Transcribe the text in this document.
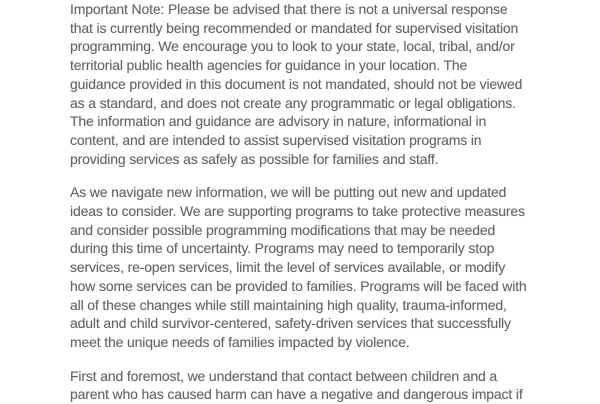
Important Note: Please be advised that there is not a universal response
that is currently being recommended or mandated for supervised visitation
programming. We encourage you to look to your state, local, tribal, and/or
territorial public health agencies for guidance in your location. The
guidance provided in this document is not mandated, should not be viewed
as a standard, and does not create any programmatic or legal obligations.
The information and guidance are advisory in nature, informational in
content, and are intended to assist supervised visitation programs in
providing services as safely as possible for families and staff.
As we navigate new information, we will be putting out new and updated
ideas to consider. We are supporting programs to take protective measures
and consider possible programming modifications that may be needed
during this time of uncertainty. Programs may need to temporarily stop
services, re-open services, limit the level of services available, or modify
how some services can be provided to families. Programs will be faced with
all of these changes while still maintaining high quality, trauma-informed,
adult and child survivor-centered, safety-driven services that successfully
meet the unique needs of families impacted by violence.
First and foremost, we understand that contact between children and a
parent who has caused harm can have a negative and dangerous impact if
